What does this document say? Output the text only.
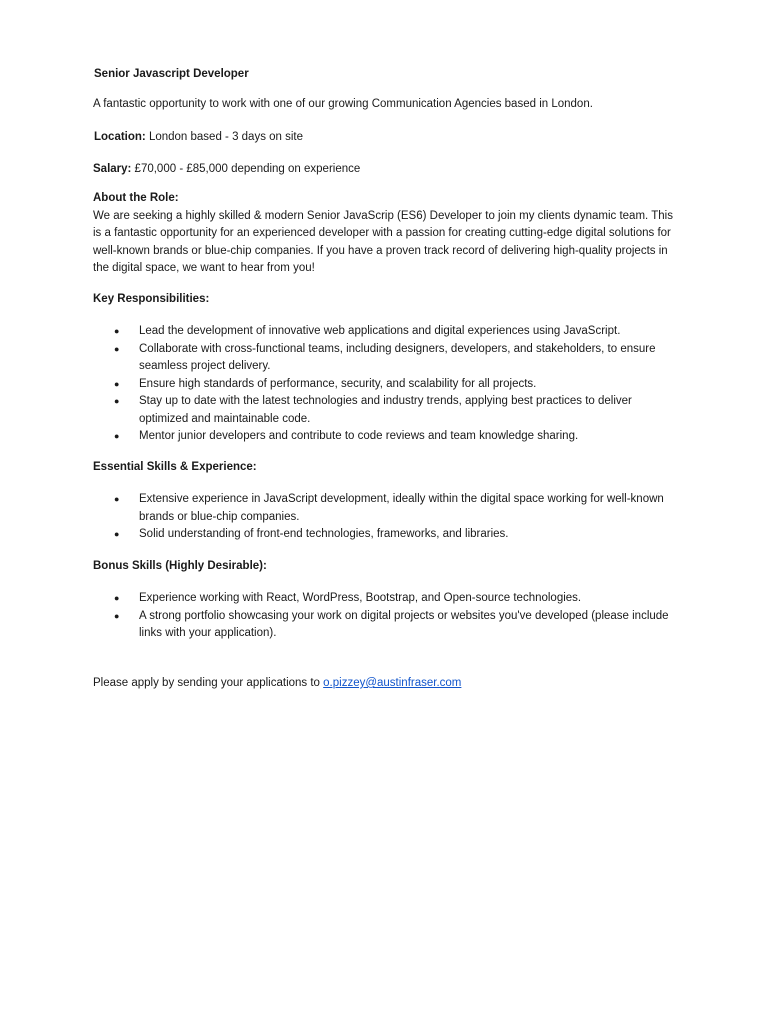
Senior Javascript Developer
A fantastic opportunity to work with one of our growing Communication Agencies based in London.
Location: London based - 3 days on site
Salary: £70,000 - £85,000 depending on experience

About the Role:

We are seeking a highly skilled & modern Senior JavaScrip (ES6) Developer to join my clients dynamic team. This is a fantastic opportunity for an experienced developer with a passion for creating cutting-edge digital solutions for well-known brands or blue-chip companies. If you have a proven track record of delivering high-quality projects in the digital space, we want to hear from you!

Key Responsibilities:
● Lead the development of innovative web applications and digital experiences using JavaScript.
● Collaborate with cross-functional teams, including designers, developers, and stakeholders, to ensure seamless project delivery.
● Ensure high standards of performance, security, and scalability for all projects.
● Stay up to date with the latest technologies and industry trends, applying best practices to deliver optimized and maintainable code.
● Mentor junior developers and contribute to code reviews and team knowledge sharing.
Essential Skills & Experience:
● Extensive experience in JavaScript development, ideally within the digital space working for well-known brands or blue-chip companies.
● Solid understanding of front-end technologies, frameworks, and libraries.
Bonus Skills (Highly Desirable):
● Experience working with React, WordPress, Bootstrap, and Open-source technologies.
● A strong portfolio showcasing your work on digital projects or websites you've developed (please include links with your application).
Please apply by sending your applications to o.pizzey@austinfraser.com
